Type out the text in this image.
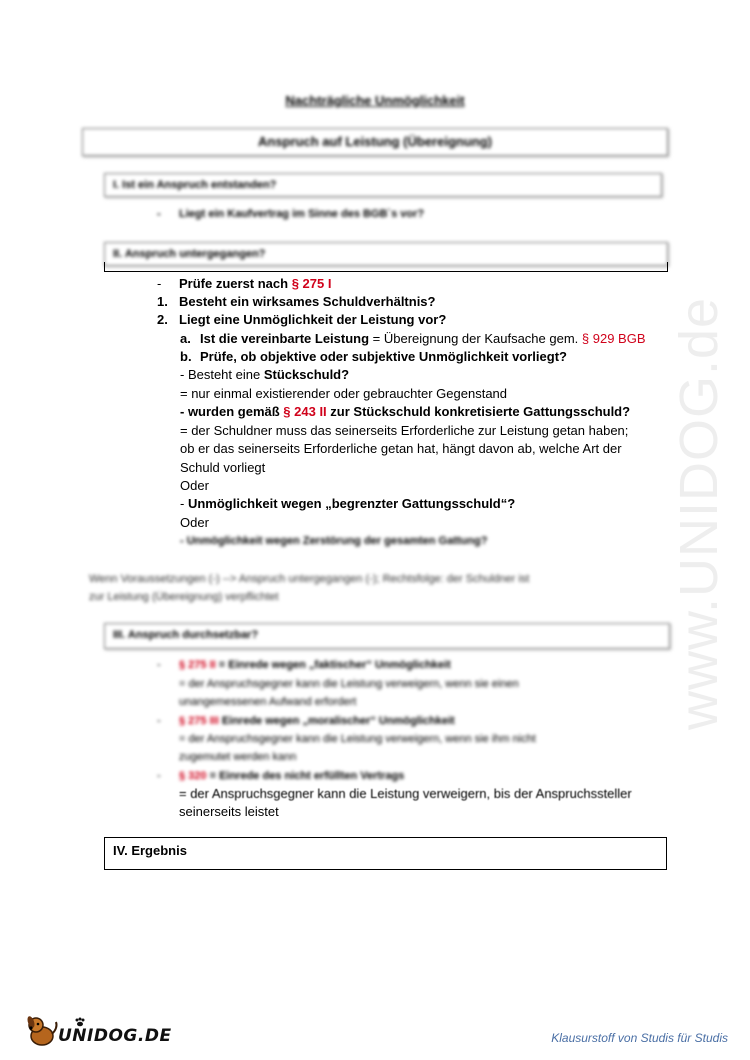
Nachträgliche Unmöglichkeit
Anspruch auf Leistung (Übereignung)
I. Ist ein Anspruch entstanden?
- Liegt ein Kaufvertrag im Sinne des BGB`s vor?
II. Anspruch untergegangen?
- Prüfe zuerst nach § 275 I
1. Besteht ein wirksames Schuldverhältnis?
2. Liegt eine Unmöglichkeit der Leistung vor?
a. Ist die vereinbarte Leistung = Übereignung der Kaufsache gem. § 929 BGB
b. Prüfe, ob objektive oder subjektive Unmöglichkeit vorliegt?
- Besteht eine Stückschuld?
= nur einmal existierender oder gebrauchter Gegenstand
- wurden gemäß § 243 II zur Stückschuld konkretisierte Gattungsschuld?
= der Schuldner muss das seinerseits Erforderliche zur Leistung getan haben;
ob er das seinerseits Erforderliche getan hat, hängt davon ab, welche Art der
Schuld vorliegt
Oder
- Unmöglichkeit wegen „begrenzter Gattungsschuld“?
Oder
- Unmöglichkeit wegen Zerstörung der gesamten Gattung?
Wenn Voraussetzungen (-) --> Anspruch untergegangen (-); Rechtsfolge: der Schuldner ist
zur Leistung (Übereignung) verpflichtet
III. Anspruch durchsetzbar?
- § 275 II = Einrede wegen „faktischer“ Unmöglichkeit
= der Anspruchsgegner kann die Leistung verweigern, wenn sie einen
unangemessenen Aufwand erfordert
- § 275 III Einrede wegen „moralischer“ Unmöglichkeit
= der Anspruchsgegner kann die Leistung verweigern, wenn sie ihm nicht
zugemutet werden kann
- § 320 = Einrede des nicht erfüllten Vertrags
= der Anspruchsgegner kann die Leistung verweigern, bis der Anspruchssteller
seinerseits leistet
IV. Ergebnis
www.UNIDOG.de
UNIDOG.DE	Klausurstoff von Studis für Studis
